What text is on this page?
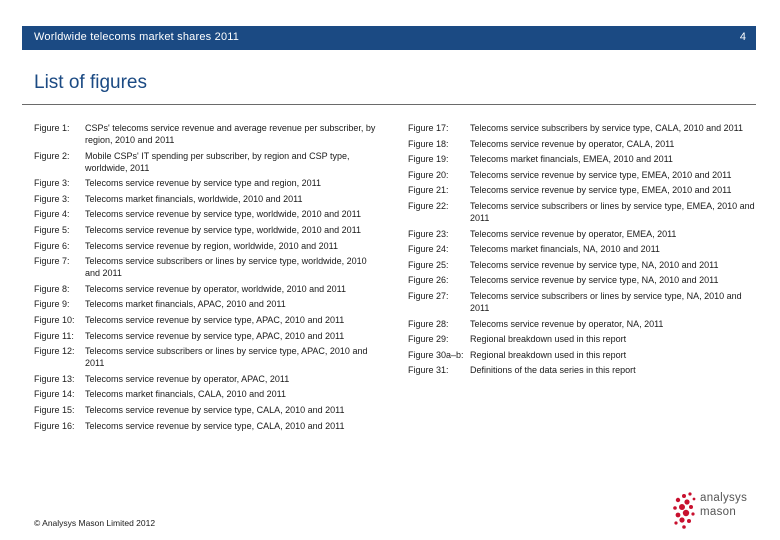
Worldwide telecoms market shares 2011	4
List of figures
Figure 1:	CSPs' telecoms service revenue and average revenue per subscriber, by region, 2010 and 2011
Figure 2:	Mobile CSPs' IT spending per subscriber, by region and CSP type, worldwide, 2011
Figure 3:	Telecoms service revenue by service type and region, 2011
Figure 3:	Telecoms market financials, worldwide, 2010 and 2011
Figure 4:	Telecoms service revenue by service type, worldwide, 2010 and 2011
Figure 5:	Telecoms service revenue by service type, worldwide, 2010 and 2011
Figure 6:	Telecoms service revenue by region, worldwide, 2010 and 2011
Figure 7:	Telecoms service subscribers or lines by service type, worldwide, 2010 and 2011
Figure 8:	Telecoms service revenue by operator, worldwide, 2010 and 2011
Figure 9:	Telecoms market financials, APAC, 2010 and 2011
Figure 10:	Telecoms service revenue by service type, APAC, 2010 and 2011
Figure 11:	Telecoms service revenue by service type, APAC, 2010 and 2011
Figure 12:	Telecoms service subscribers or lines by service type, APAC, 2010 and 2011
Figure 13:	Telecoms service revenue by operator, APAC, 2011
Figure 14:	Telecoms market financials, CALA, 2010 and 2011
Figure 15:	Telecoms service revenue by service type, CALA, 2010 and 2011
Figure 16:	Telecoms service revenue by service type, CALA, 2010 and 2011
Figure 17:	Telecoms service subscribers by service type, CALA, 2010 and 2011
Figure 18:	Telecoms service revenue by operator, CALA, 2011
Figure 19:	Telecoms market financials, EMEA, 2010 and 2011
Figure 20:	Telecoms service revenue by service type, EMEA, 2010 and 2011
Figure 21:	Telecoms service revenue by service type, EMEA, 2010 and 2011
Figure 22:	Telecoms service subscribers or lines by service type, EMEA, 2010 and 2011
Figure 23:	Telecoms service revenue by operator, EMEA, 2011
Figure 24:	Telecoms market financials, NA, 2010 and 2011
Figure 25:	Telecoms service revenue by service type, NA, 2010 and 2011
Figure 26:	Telecoms service revenue by service type, NA, 2010 and 2011
Figure 27:	Telecoms service subscribers or lines by service type, NA, 2010 and 2011
Figure 28:	Telecoms service revenue by operator, NA, 2011
Figure 29:	Regional breakdown used in this report
Figure 30a–b: Regional breakdown used in this report
Figure 31:	Definitions of the data series in this report
© Analysys Mason Limited 2012
analysys
mason
